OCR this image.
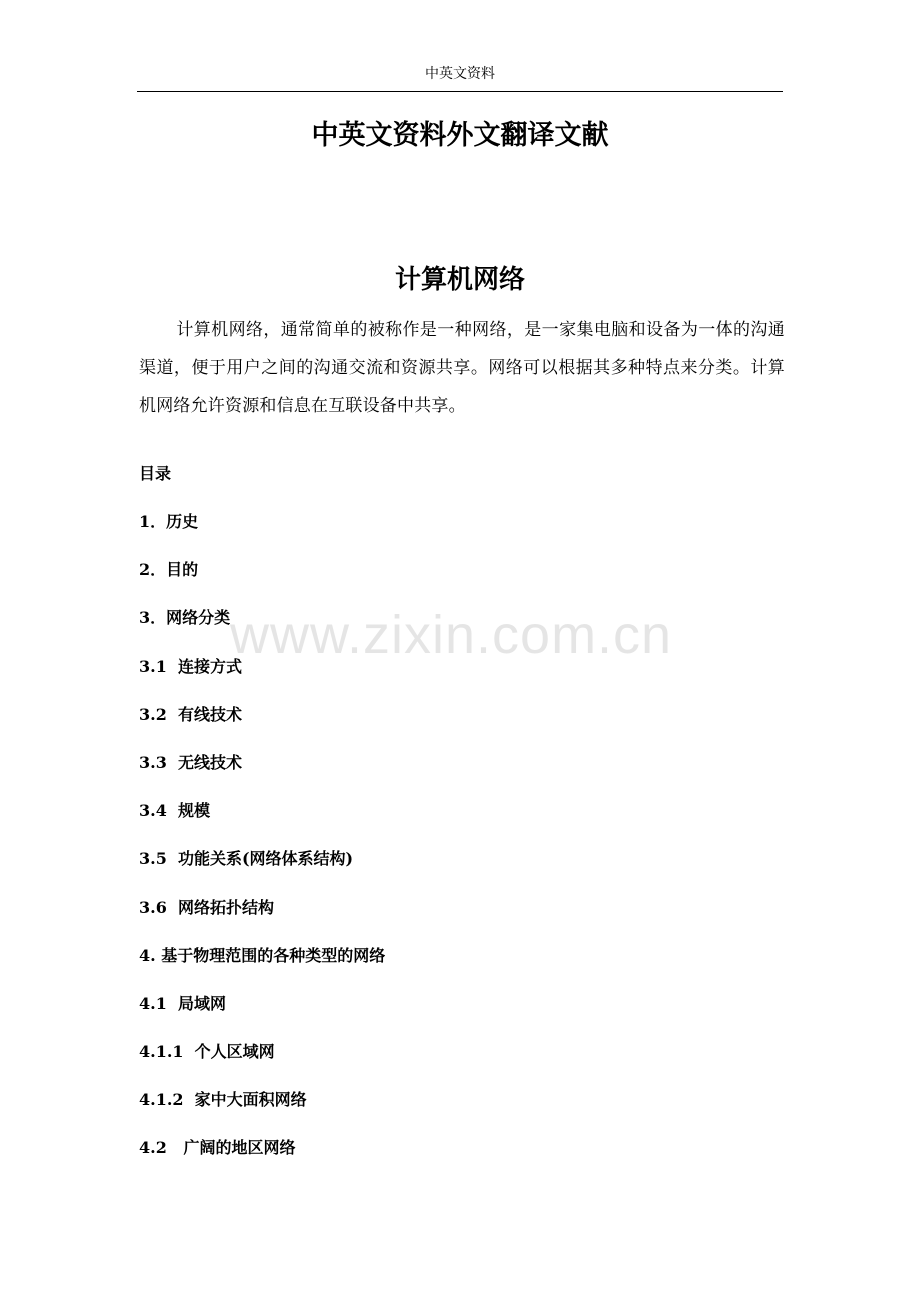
中英文资料
中英文资料外文翻译文献
计算机网络

计算机网络，通常简单的被称作是一种网络，是一家集电脑和设备为一体的沟通渠道，便于用户之间的沟通交流和资源共享。网络可以根据其多种特点来分类。计算机网络允许资源和信息在互联设备中共享。

目录
1．历史
2．目的
3．网络分类
3.1  连接方式
3.2  有线技术
3.3  无线技术
3.4  规模
3.5  功能关系(网络体系结构)
3.6  网络拓扑结构
4. 基于物理范围的各种类型的网络
4.1  局域网
4.1.1  个人区域网
4.1.2  家中大面积网络
4.2   广阔的地区网络
www.zixin.com.cn
